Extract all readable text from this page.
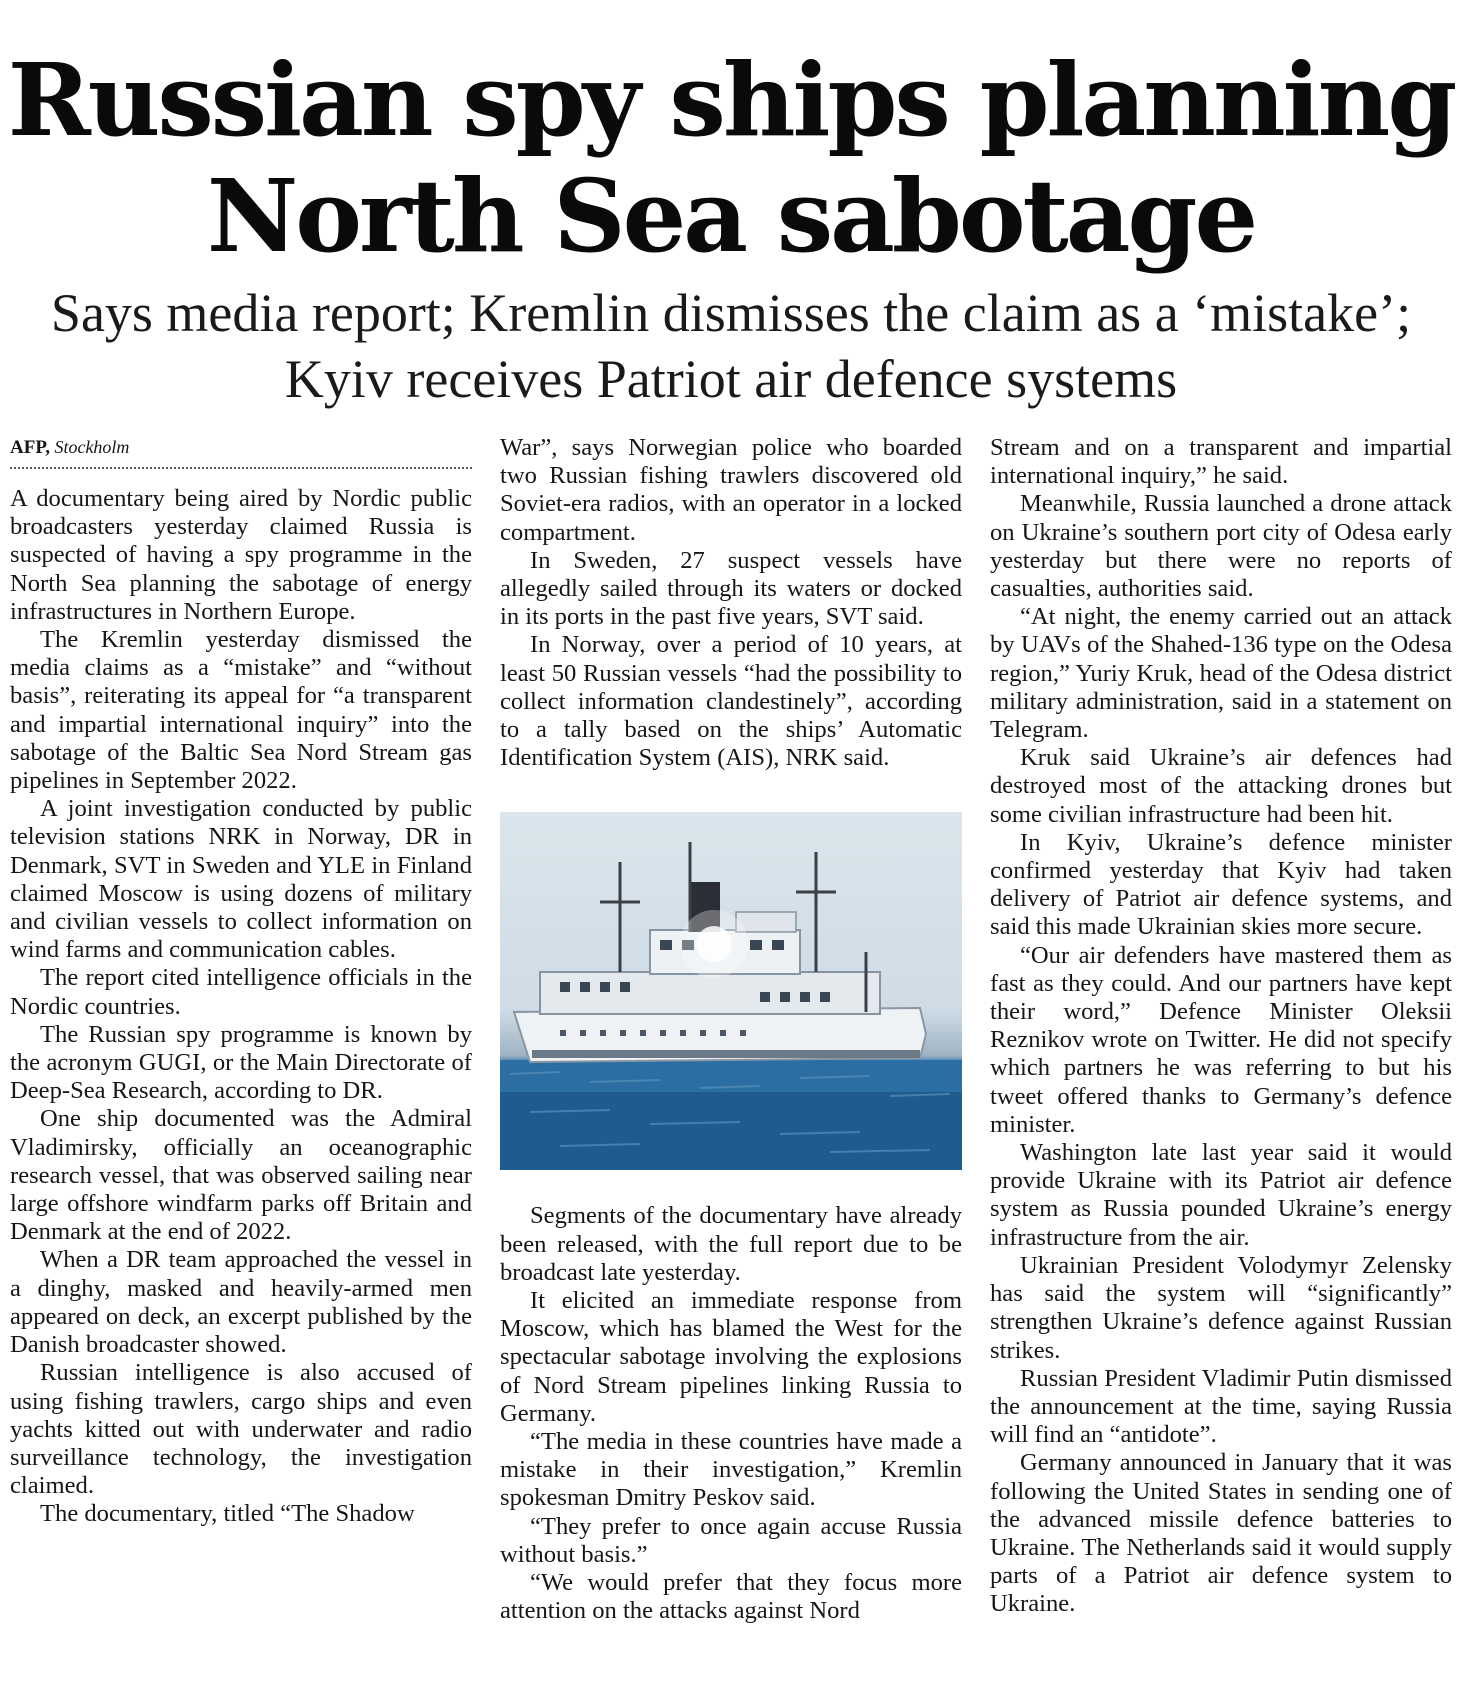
Russian spy ships planning
North Sea sabotage
Says media report; Kremlin dismisses the claim as a ‘mistake’;
Kyiv receives Patriot air defence systems
AFP, Stockholm

A documentary being aired by Nordic public broadcasters yesterday claimed Russia is suspected of having a spy programme in the North Sea planning the sabotage of energy infrastructures in Northern Europe.

The Kremlin yesterday dismissed the media claims as a “mistake” and “without basis”, reiterating its appeal for “a transparent and impartial international inquiry” into the sabotage of the Baltic Sea Nord Stream gas pipelines in September 2022.

A joint investigation conducted by public television stations NRK in Norway, DR in Denmark, SVT in Sweden and YLE in Finland claimed Moscow is using dozens of military and civilian vessels to collect information on wind farms and communication cables.

The report cited intelligence officials in the Nordic countries.

The Russian spy programme is known by the acronym GUGI, or the Main Directorate of Deep-Sea Research, according to DR.

One ship documented was the Admiral Vladimirsky, officially an oceanographic research vessel, that was observed sailing near large offshore windfarm parks off Britain and Denmark at the end of 2022.

When a DR team approached the vessel in a dinghy, masked and heavily-armed men appeared on deck, an excerpt published by the Danish broadcaster showed.

Russian intelligence is also accused of using fishing trawlers, cargo ships and even yachts kitted out with underwater and radio surveillance technology, the investigation claimed.

The documentary, titled “The Shadow

War”, says Norwegian police who boarded two Russian fishing trawlers discovered old Soviet-era radios, with an operator in a locked compartment.

In Sweden, 27 suspect vessels have allegedly sailed through its waters or docked in its ports in the past five years, SVT said.

In Norway, over a period of 10 years, at least 50 Russian vessels “had the possibility to collect information clandestinely”, according to a tally based on the ships’ Automatic Identification System (AIS), NRK said.

Segments of the documentary have already been released, with the full report due to be broadcast late yesterday.

It elicited an immediate response from Moscow, which has blamed the West for the spectacular sabotage involving the explosions of Nord Stream pipelines linking Russia to Germany.

“The media in these countries have made a mistake in their investigation,” Kremlin spokesman Dmitry Peskov said.

“They prefer to once again accuse Russia without basis.”

“We would prefer that they focus more attention on the attacks against Nord

Stream and on a transparent and impartial international inquiry,” he said.

Meanwhile, Russia launched a drone attack on Ukraine’s southern port city of Odesa early yesterday but there were no reports of casualties, authorities said.

“At night, the enemy carried out an attack by UAVs of the Shahed-136 type on the Odesa region,” Yuriy Kruk, head of the Odesa district military administration, said in a statement on Telegram.

Kruk said Ukraine’s air defences had destroyed most of the attacking drones but some civilian infrastructure had been hit.

In Kyiv, Ukraine’s defence minister confirmed yesterday that Kyiv had taken delivery of Patriot air defence systems, and said this made Ukrainian skies more secure.

“Our air defenders have mastered them as fast as they could. And our partners have kept their word,” Defence Minister Oleksii Reznikov wrote on Twitter. He did not specify which partners he was referring to but his tweet offered thanks to Germany’s defence minister.

Washington late last year said it would provide Ukraine with its Patriot air defence system as Russia pounded Ukraine’s energy infrastructure from the air.

Ukrainian President Volodymyr Zelensky has said the system will “significantly” strengthen Ukraine’s defence against Russian strikes.

Russian President Vladimir Putin dismissed the announcement at the time, saying Russia will find an “antidote”.

Germany announced in January that it was following the United States in sending one of the advanced missile defence batteries to Ukraine. The Netherlands said it would supply parts of a Patriot air defence system to Ukraine.
